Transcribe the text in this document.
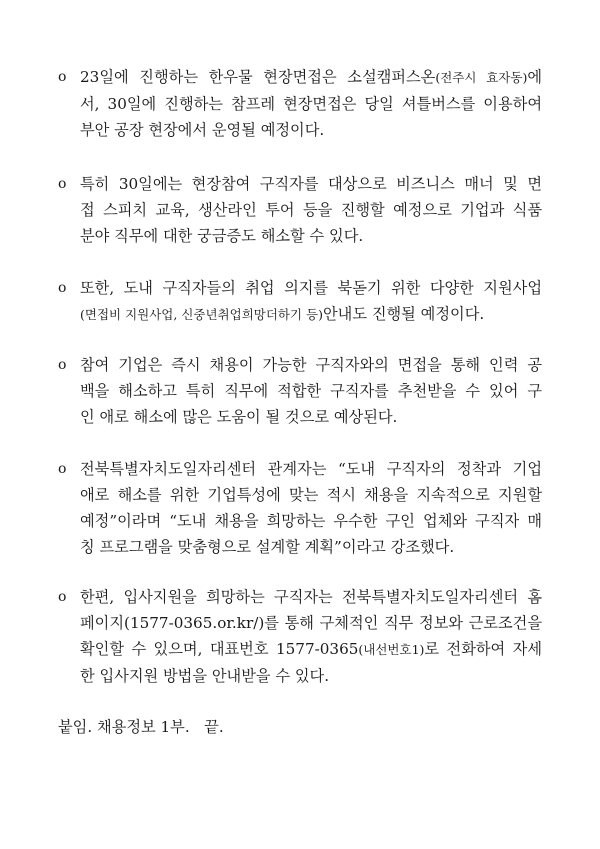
o 23일에 진행하는 한우물 현장면접은 소설캠퍼스온(전주시 효자동)에
서, 30일에 진행하는 참프레 현장면접은 당일 셔틀버스를 이용하여
부안 공장 현장에서 운영될 예정이다.
o 특히 30일에는 현장참여 구직자를 대상으로 비즈니스 매너 및 면
접 스피치 교육, 생산라인 투어 등을 진행할 예정으로 기업과 식품
분야 직무에 대한 궁금증도 해소할 수 있다.
o 또한, 도내 구직자들의 취업 의지를 북돋기 위한 다양한 지원사업
(면접비 지원사업, 신중년취업희망더하기 등)안내도 진행될 예정이다.
o 참여 기업은 즉시 채용이 가능한 구직자와의 면접을 통해 인력 공
백을 해소하고 특히 직무에 적합한 구직자를 추천받을 수 있어 구
인 애로 해소에 많은 도움이 될 것으로 예상된다.
o 전북특별자치도일자리센터 관계자는 “도내 구직자의 정착과 기업
애로 해소를 위한 기업특성에 맞는 적시 채용을 지속적으로 지원할
예정”이라며 “도내 채용을 희망하는 우수한 구인 업체와 구직자 매
칭 프로그램을 맞춤형으로 설계할 계획”이라고 강조했다.
o 한편, 입사지원을 희망하는 구직자는 전북특별자치도일자리센터 홈
페이지(1577-0365.or.kr/)를 통해 구체적인 직무 정보와 근로조건을
확인할 수 있으며, 대표번호 1577-0365(내선번호1)로 전화하여 자세
한 입사지원 방법을 안내받을 수 있다.
붙임. 채용정보 1부.   끝.
